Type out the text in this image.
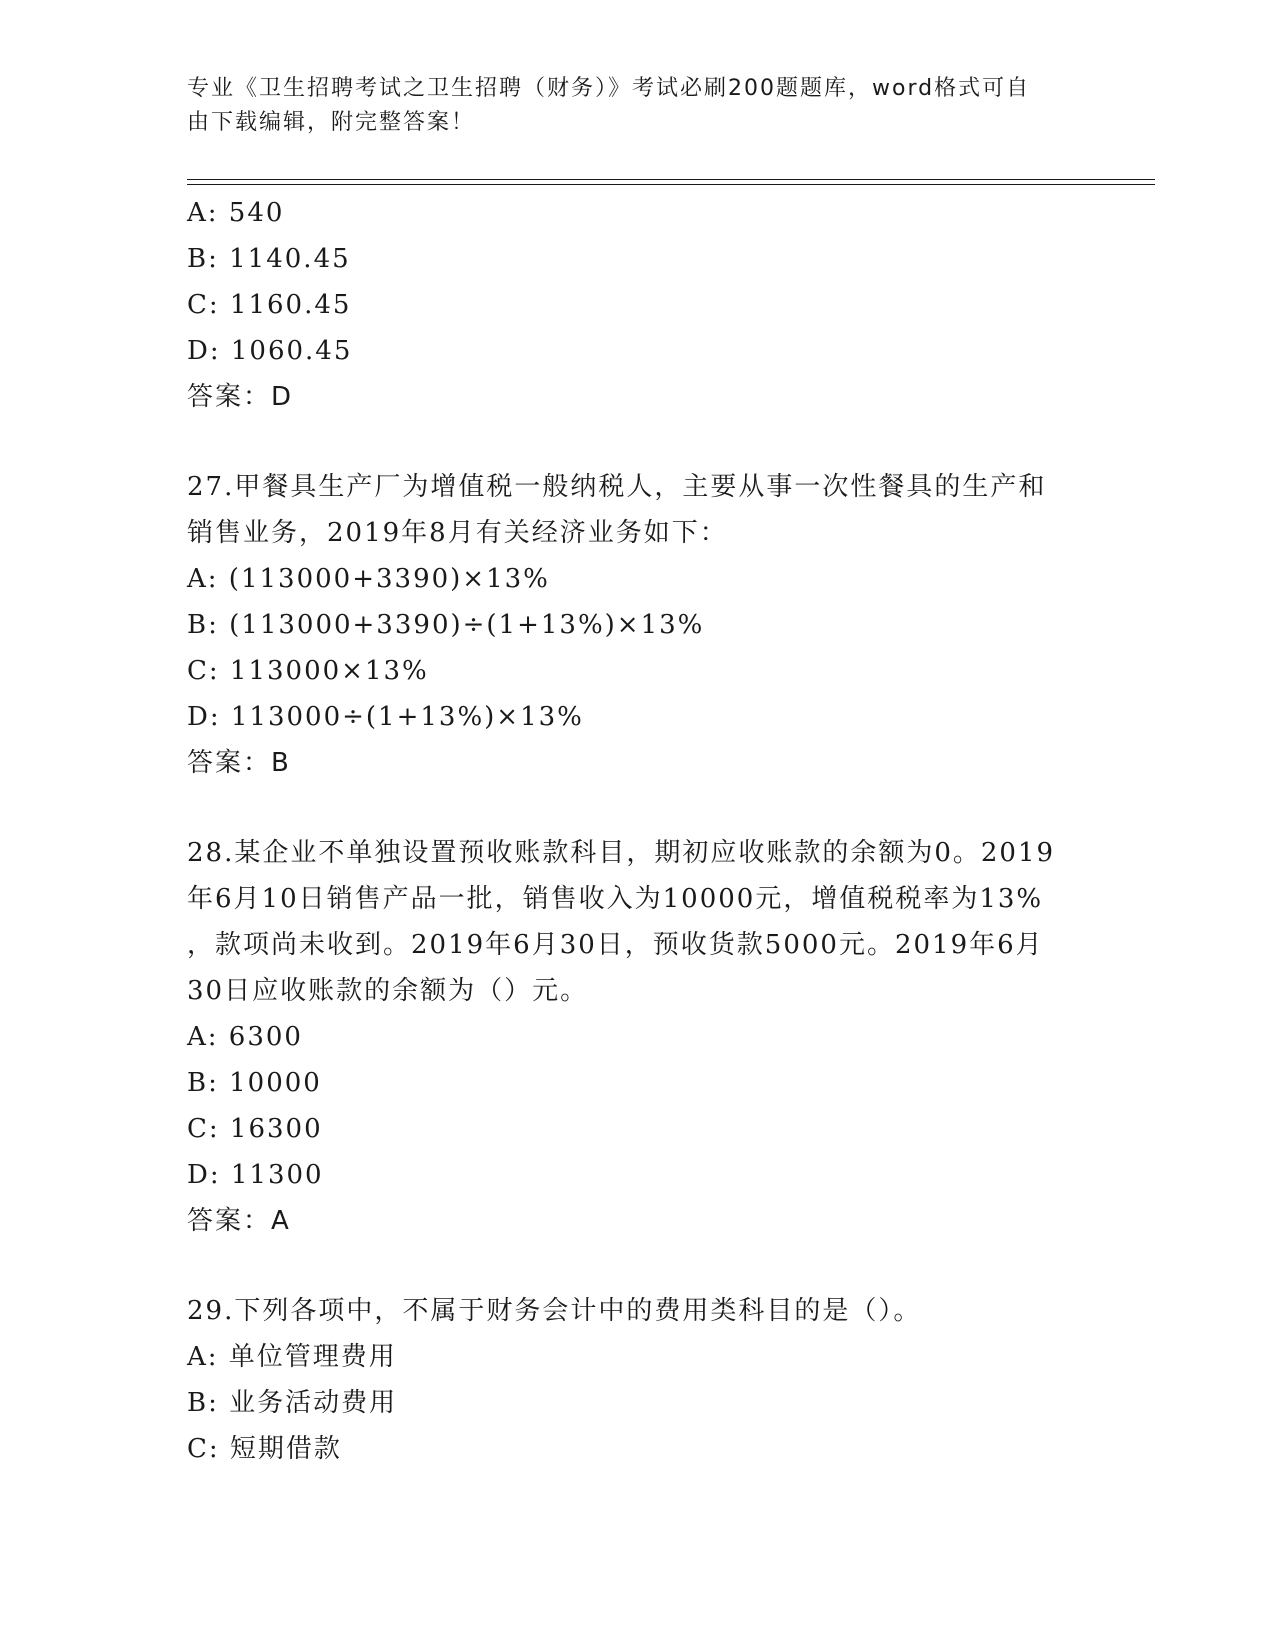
专业《卫生招聘考试之卫生招聘（财务）》考试必刷200题题库，word格式可自
由下载编辑，附完整答案！
A: 540
B: 1140.45
C: 1160.45
D: 1060.45
答案：D
27.甲餐具生产厂为增值税一般纳税人，主要从事一次性餐具的生产和
销售业务，2019年8月有关经济业务如下：
A: (113000+3390)×13%
B: (113000+3390)÷(1+13%)×13%
C: 113000×13%
D: 113000÷(1+13%)×13%
答案：B
28.某企业不单独设置预收账款科目，期初应收账款的余额为0。2019
年6月10日销售产品一批，销售收入为10000元，增值税税率为13%
，款项尚未收到。2019年6月30日，预收货款5000元。2019年6月
30日应收账款的余额为（）元。
A: 6300
B: 10000
C: 16300
D: 11300
答案：A
29.下列各项中，不属于财务会计中的费用类科目的是（）。
A: 单位管理费用
B: 业务活动费用
C: 短期借款
